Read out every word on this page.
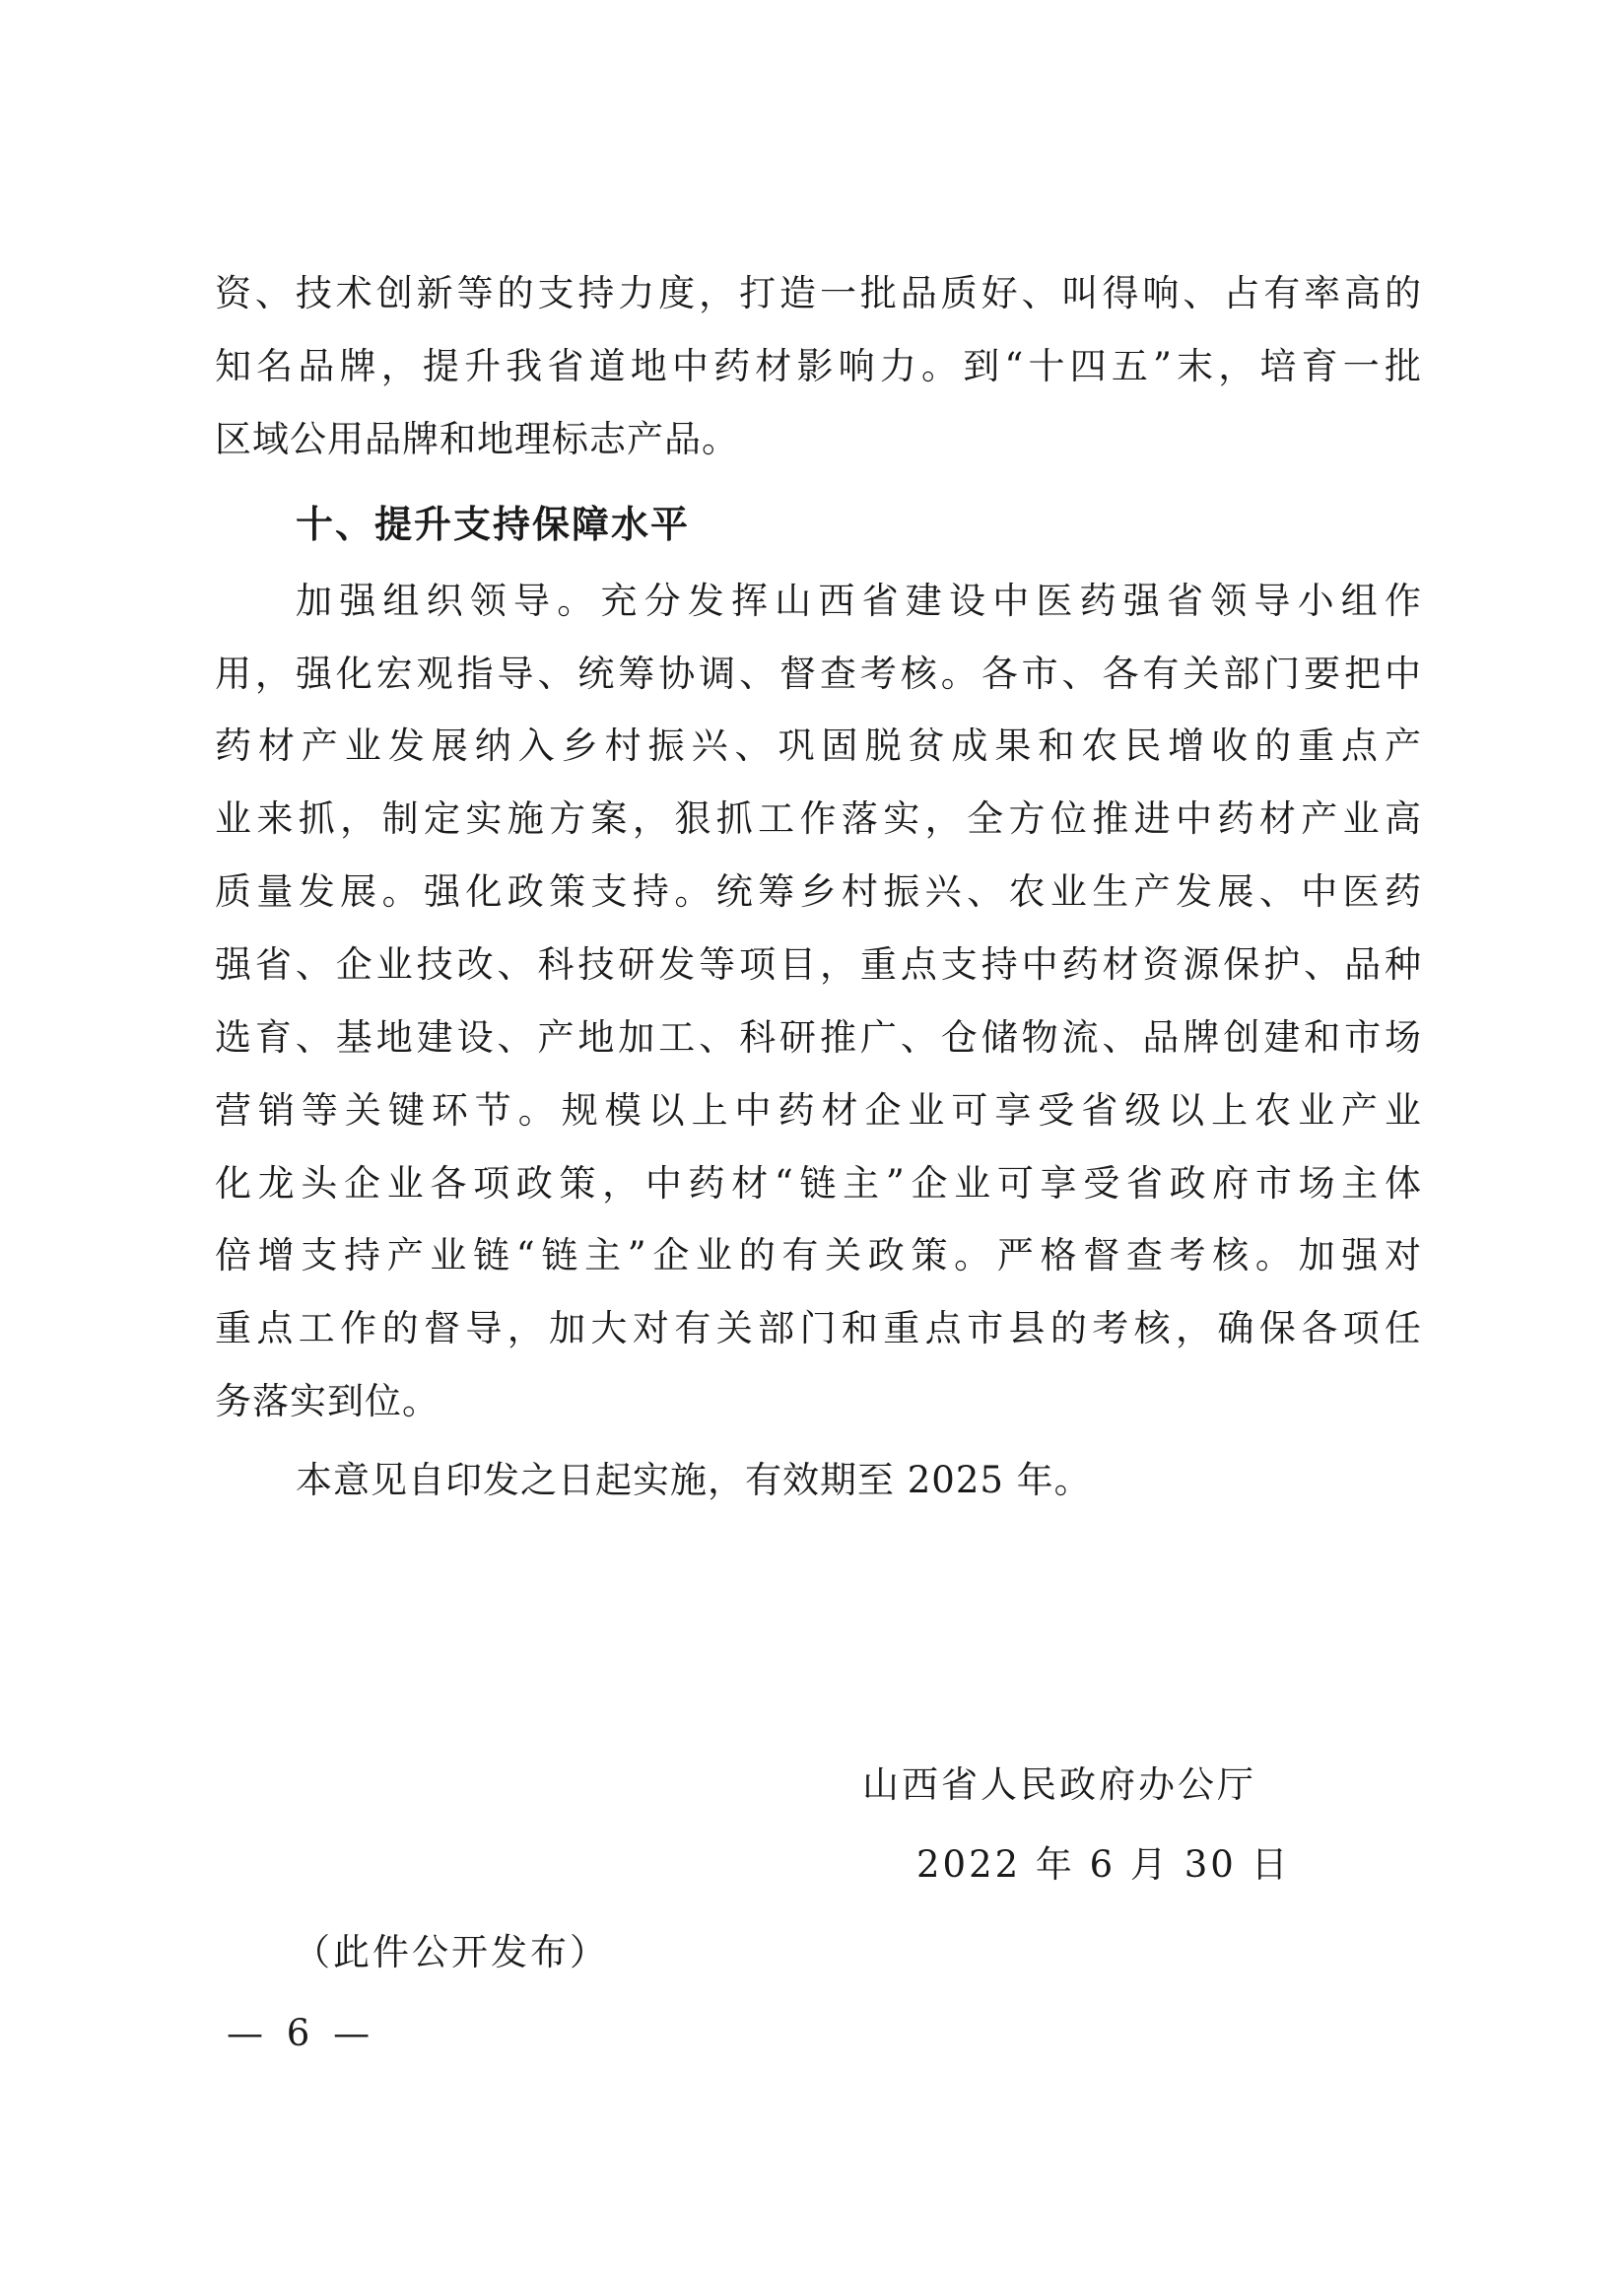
资、技术创新等的支持力度，打造一批品质好、叫得响、占有率高的
知名品牌，提升我省道地中药材影响力。到“十四五”末，培育一批
区域公用品牌和地理标志产品。
十、提升支持保障水平
加强组织领导。充分发挥山西省建设中医药强省领导小组作
用，强化宏观指导、统筹协调、督查考核。各市、各有关部门要把中
药材产业发展纳入乡村振兴、巩固脱贫成果和农民增收的重点产
业来抓，制定实施方案，狠抓工作落实，全方位推进中药材产业高
质量发展。强化政策支持。统筹乡村振兴、农业生产发展、中医药
强省、企业技改、科技研发等项目，重点支持中药材资源保护、品种
选育、基地建设、产地加工、科研推广、仓储物流、品牌创建和市场
营销等关键环节。规模以上中药材企业可享受省级以上农业产业
化龙头企业各项政策，中药材“链主”企业可享受省政府市场主体
倍增支持产业链“链主”企业的有关政策。严格督查考核。加强对
重点工作的督导，加大对有关部门和重点市县的考核，确保各项任
务落实到位。
本意见自印发之日起实施，有效期至 2025 年。
山西省人民政府办公厅
2022 年 6 月 30 日
（此件公开发布）
— 6 —
